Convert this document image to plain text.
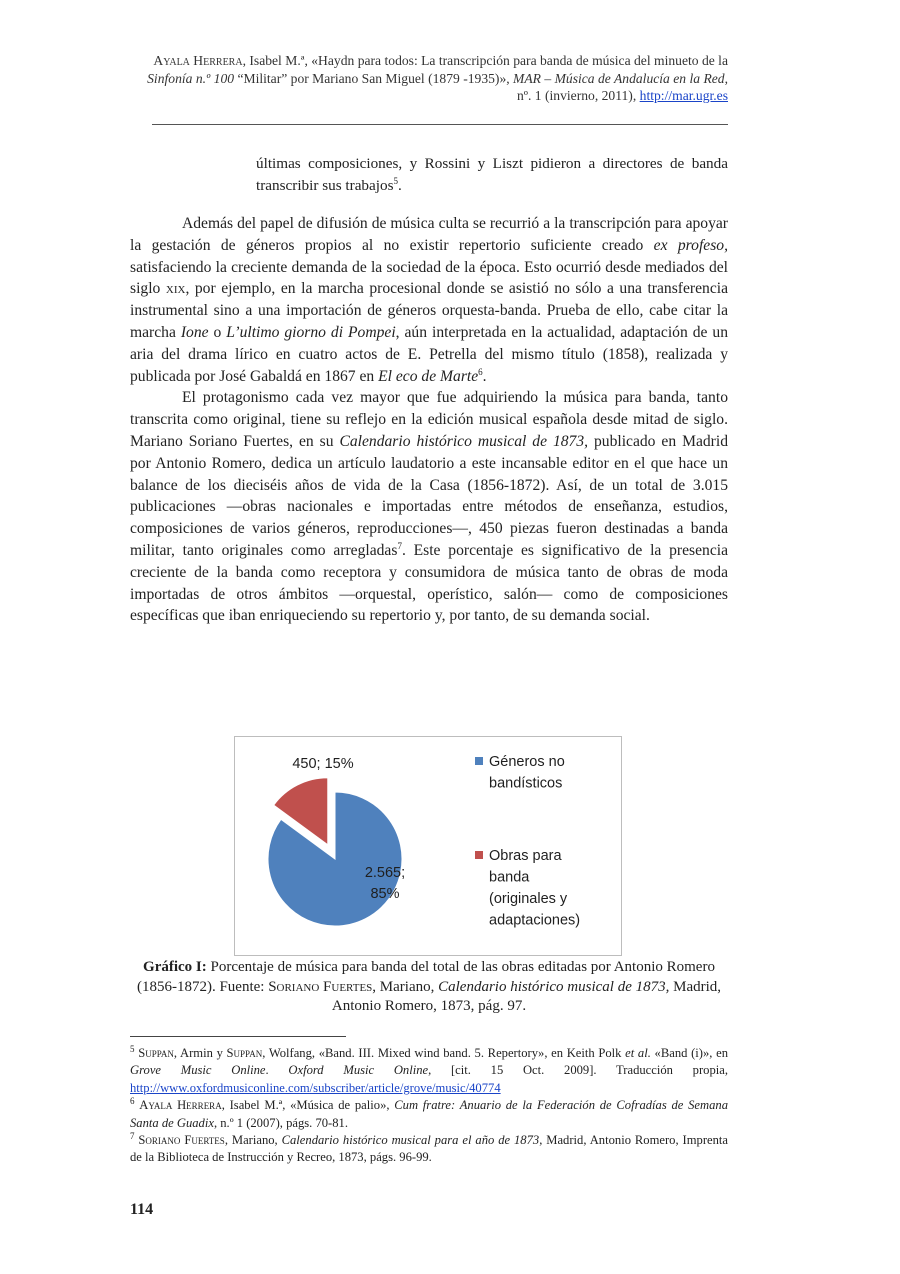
Ayala Herrera, Isabel M.ª, «Haydn para todos: La transcripción para banda de música del minueto de la Sinfonía n.º 100 “Militar” por Mariano San Miguel (1879 -1935)», MAR – Música de Andalucía en la Red, nº. 1 (invierno, 2011), http://mar.ugr.es
últimas composiciones, y Rossini y Liszt pidieron a directores de banda transcribir sus trabajos$^5$.

Además del papel de difusión de música culta se recurrió a la transcripción para apoyar la gestación de géneros propios al no existir repertorio suficiente creado ex profeso, satisfaciendo la creciente demanda de la sociedad de la época. Esto ocurrió desde mediados del siglo xix, por ejemplo, en la marcha procesional donde se asistió no sólo a una transferencia instrumental sino a una importación de géneros orquesta-banda. Prueba de ello, cabe citar la marcha Ione o L’ultimo giorno di Pompei, aún interpretada en la actualidad, adaptación de un aria del drama lírico en cuatro actos de E. Petrella del mismo título (1858), realizada y publicada por José Gabaldá en 1867 en El eco de Marte$^6$.

El protagonismo cada vez mayor que fue adquiriendo la música para banda, tanto transcrita como original, tiene su reflejo en la edición musical española desde mitad de siglo. Mariano Soriano Fuertes, en su Calendario histórico musical de 1873, publicado en Madrid por Antonio Romero, dedica un artículo laudatorio a este incansable editor en el que hace un balance de los dieciséis años de vida de la Casa (1856-1872). Así, de un total de 3.015 publicaciones —obras nacionales e importadas entre métodos de enseñanza, estudios, composiciones de varios géneros, reproducciones—, 450 piezas fueron destinadas a banda militar, tanto originales como arregladas$^7$. Este porcentaje es significativo de la presencia creciente de la banda como receptora y consumidora de música tanto de obras de moda importadas de otros ámbitos —orquestal, operístico, salón— como de composiciones específicas que iban enriqueciendo su repertorio y, por tanto, de su demanda social.

2.565;
85%
450; 15%	Géneros no
bandísticos
Obras para
banda
(originales y
adaptaciones)
Gráfico I: Porcentaje de música para banda del total de las obras editadas por Antonio Romero (1856-1872). Fuente: Soriano Fuertes, Mariano, Calendario histórico musical de 1873, Madrid, Antonio Romero, 1873, pág. 97.

$^5$ Suppan, Armin y Suppan, Wolfang, «Band. III. Mixed wind band. 5. Repertory», en Keith Polk et al. «Band (i)», en Grove Music Online. Oxford Music Online, [cit. 15 Oct. 2009]. Traducción propia, http://www.oxfordmusiconline.com/subscriber/article/grove/music/40774

$^6$ Ayala Herrera, Isabel M.ª, «Música de palio», Cum fratre: Anuario de la Federación de Cofradías de Semana Santa de Guadix, n.º 1 (2007), págs. 70-81.

$^7$ Soriano Fuertes, Mariano, Calendario histórico musical para el año de 1873, Madrid, Antonio Romero, Imprenta de la Biblioteca de Instrucción y Recreo, 1873, págs. 96-99.

114
